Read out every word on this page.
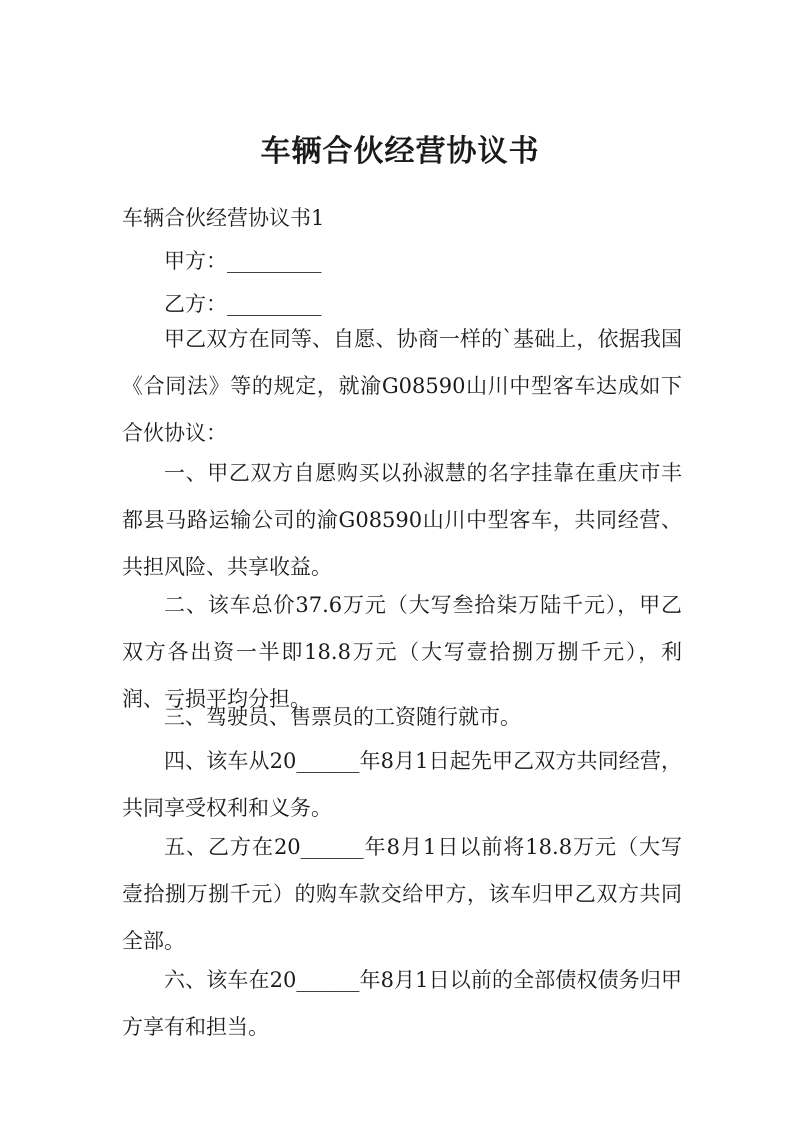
车辆合伙经营协议书
车辆合伙经营协议书1
甲方：_________
乙方：_________

甲乙双方在同等、自愿、协商一样的`基础上，依据我国《合同法》等的规定，就渝G08590山川中型客车达成如下合伙协议：

一、甲乙双方自愿购买以孙淑慧的名字挂靠在重庆市丰都县马路运输公司的渝G08590山川中型客车，共同经营、共担风险、共享收益。

二、该车总价37.6万元（大写叁拾柒万陆千元），甲乙双方各出资一半即18.8万元（大写壹拾捌万捌千元），利润、亏损平均分担。

三、驾驶员、售票员的工资随行就市。

四、该车从20______年8月1日起先甲乙双方共同经营，共同享受权利和义务。

五、乙方在20______年8月1日以前将18.8万元（大写壹拾捌万捌千元）的购车款交给甲方，该车归甲乙双方共同全部。

六、该车在20______年8月1日以前的全部债权债务归甲方享有和担当。
